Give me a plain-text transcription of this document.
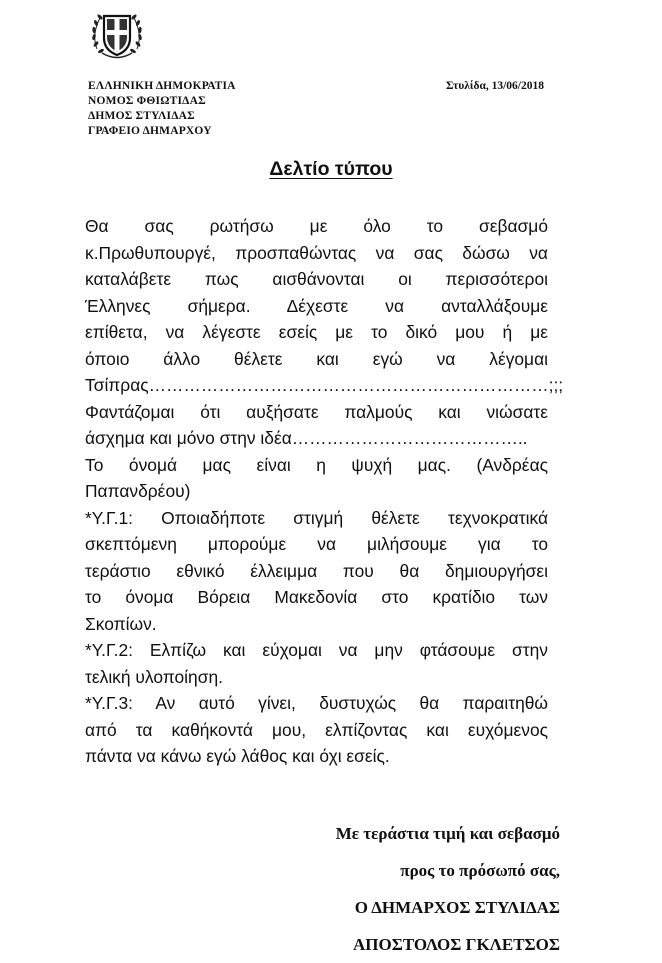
ΕΛΛΗΝΙΚΗ ΔΗΜΟΚΡΑΤΙΑ
ΝΟΜΟΣ ΦΘΙΩΤΙΔΑΣ
ΔΗΜΟΣ ΣΤΥΛΙΔΑΣ
ΓΡΑΦΕΙΟ ΔΗΜΑΡΧΟΥ
Στυλίδα, 13/06/2018
Δελτίο τύπου
Θα σας ρωτήσω με όλο το σεβασμό
κ.Πρωθυπουργέ, προσπαθώντας να σας δώσω να
καταλάβετε πως αισθάνονται οι περισσότεροι
Έλληνες σήμερα. Δέχεστε να ανταλλάξουμε
επίθετα, να λέγεστε εσείς με το δικό μου ή με
όποιο άλλο θέλετε και εγώ να λέγομαι
Τσίπρας……………………………………………………………;;;
Φαντάζομαι ότι αυξήσατε παλμούς και νιώσατε
άσχημα και μόνο στην ιδέα…………………………………..
Το όνομά μας είναι η ψυχή μας. (Ανδρέας
Παπανδρέου)
*Υ.Γ.1: Οποιαδήποτε στιγμή θέλετε τεχνοκρατικά
σκεπτόμενη μπορούμε να μιλήσουμε για το
τεράστιο εθνικό έλλειμμα που θα δημιουργήσει
το όνομα Βόρεια Μακεδονία στο κρατίδιο των
Σκοπίων.
*Υ.Γ.2: Ελπίζω και εύχομαι να μην φτάσουμε στην
τελική υλοποίηση.
*Υ.Γ.3: Αν αυτό γίνει, δυστυχώς θα παραιτηθώ
από τα καθήκοντά μου, ελπίζοντας και ευχόμενος
πάντα να κάνω εγώ λάθος και όχι εσείς.
Με τεράστια τιμή και σεβασμό
προς το πρόσωπό σας,
Ο ΔΗΜΑΡΧΟΣ ΣΤΥΛΙΔΑΣ
ΑΠΟΣΤΟΛΟΣ ΓΚΛΕΤΣΟΣ
